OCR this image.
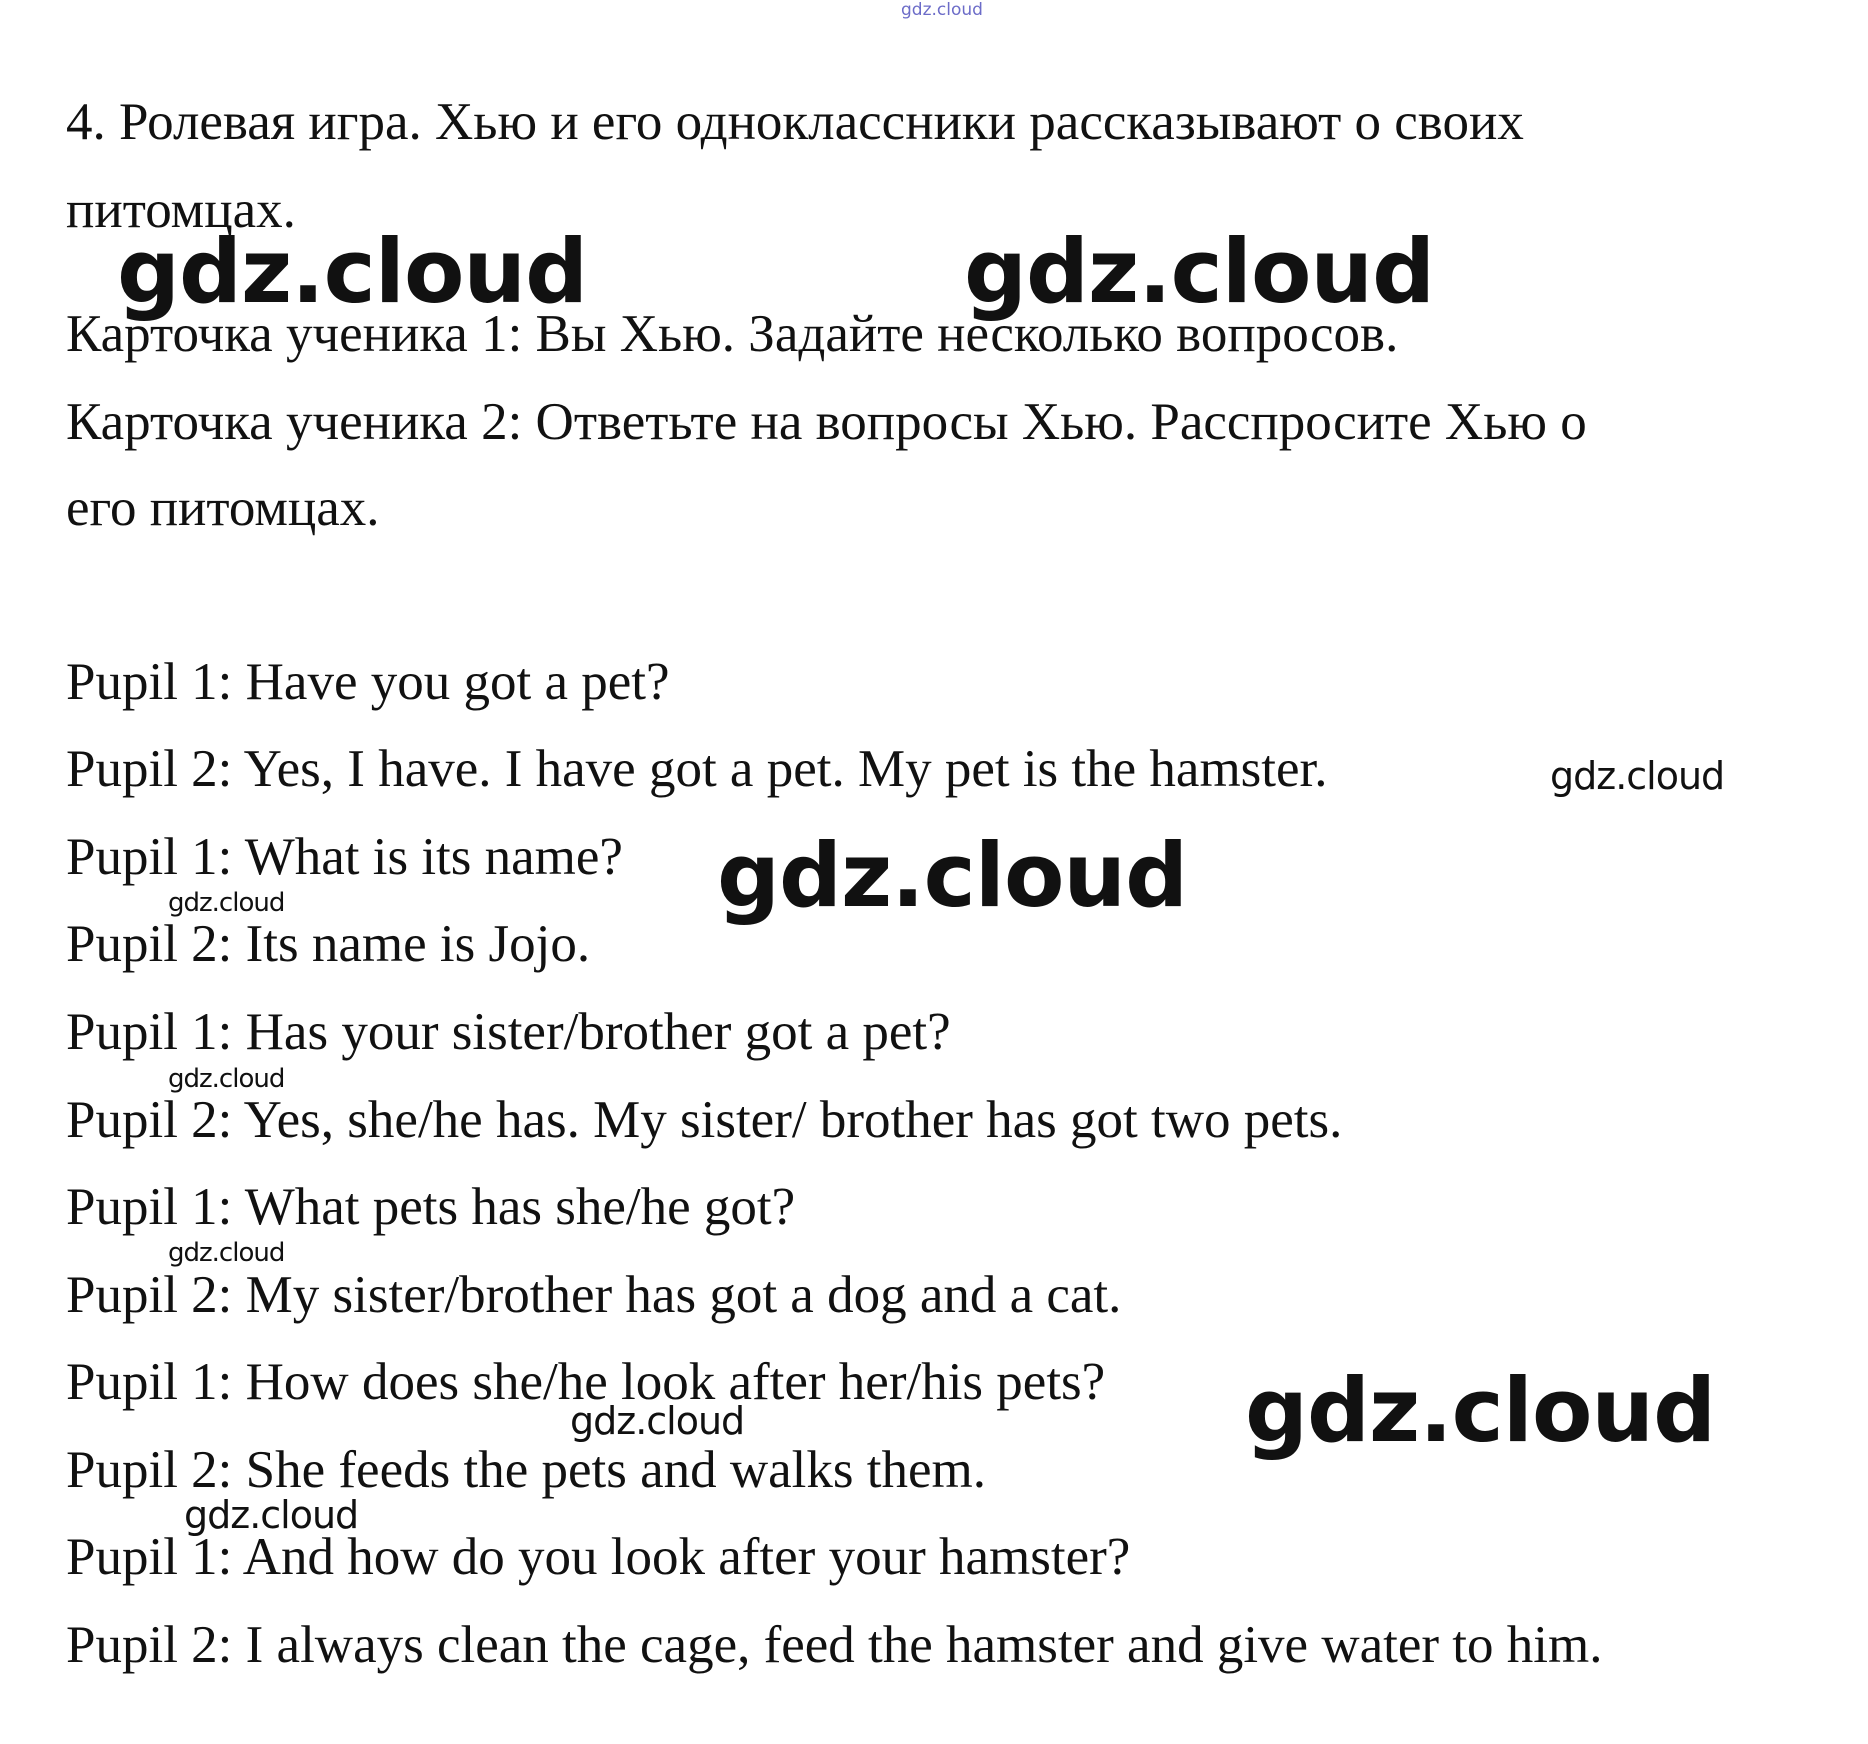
gdz.cloud

4. Ролевая игра. Хью и его одноклассники рассказывают о своих

питомцах.

Карточка ученика 1: Вы Хью. Задайте несколько вопросов.

Карточка ученика 2: Ответьте на вопросы Хью. Расспросите Хью о

его питомцах.

Pupil 1: Have you got a pet?

Pupil 2: Yes, I have. I have got a pet. My pet is the hamster.

Pupil 1: What is its name?

Pupil 2: Its name is Jojo.

Pupil 1: Has your sister/brother got a pet?

Pupil 2: Yes, she/he has. My sister/ brother has got two pets.

Pupil 1: What pets has she/he got?

Pupil 2: My sister/brother has got a dog and a cat.

Pupil 1: How does she/he look after her/his pets?

Pupil 2: She feeds the pets and walks them.

Pupil 1: And how do you look after your hamster?

Pupil 2: I always clean the cage, feed the hamster and give water to him.

gdz.cloud	gdz.cloud
gdz.cloud
gdz.cloud
gdz.cloud
gdz.cloud
gdz.cloud
gdz.cloud
gdz.cloud
gdz.cloud
